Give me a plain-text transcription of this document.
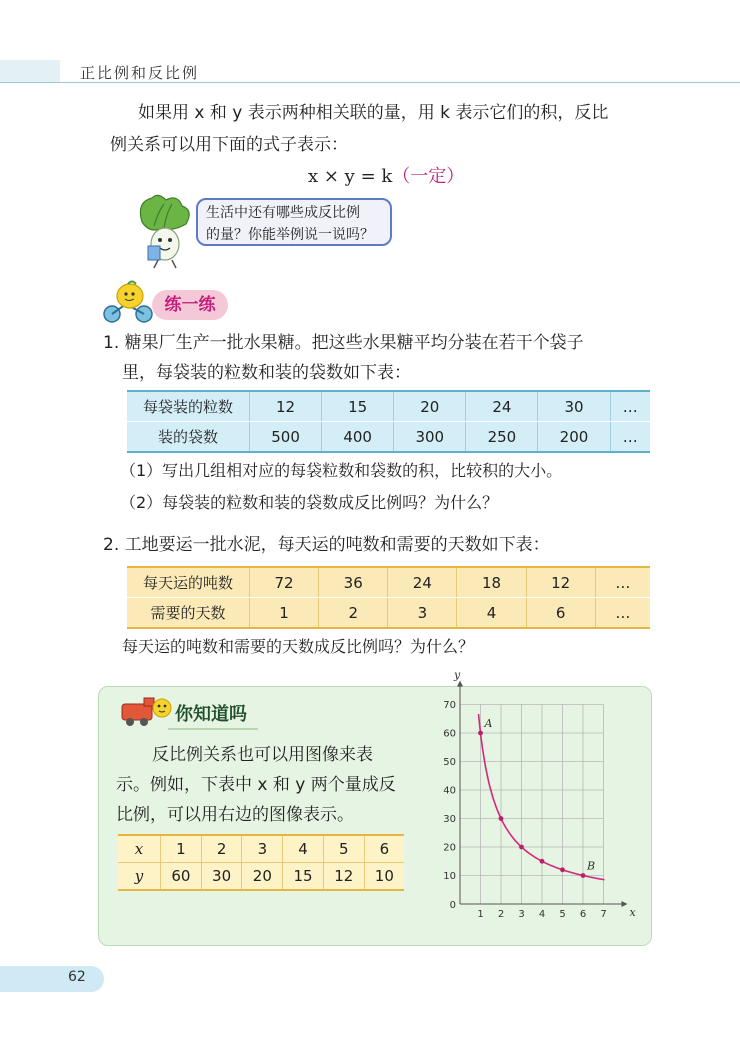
正比例和反比例
如果用 x 和 y 表示两种相关联的量，用 k 表示它们的积，反比
例关系可以用下面的式子表示：
x × y = k（一定）
生活中还有哪些成反比例
的量？你能举例说一说吗？
练一练
1. 糖果厂生产一批水果糖。把这些水果糖平均分装在若干个袋子
里，每袋装的粒数和装的袋数如下表：
每袋装的粒数	12	15	20	24	30	…
装的袋数	500	400	300	250	200	…
（1）写出几组相对应的每袋粒数和袋数的积，比较积的大小。
（2）每袋装的粒数和装的袋数成反比例吗？为什么？
2. 工地要运一批水泥，每天运的吨数和需要的天数如下表：
每天运的吨数	72	36	24	18	12	…
需要的天数	1	2	3	4	6	…
每天运的吨数和需要的天数成反比例吗？为什么？
你知道吗
反比例关系也可以用图像来表
示。例如，下表中 x 和 y 两个量成反
比例，可以用右边的图像表示。
x	1	2	3	4	5	6
y	60	30	20	15	12	10
x
y
1 2 3 4 5 6 7
10
20
30
40
50
60
70
0
A
B
62
